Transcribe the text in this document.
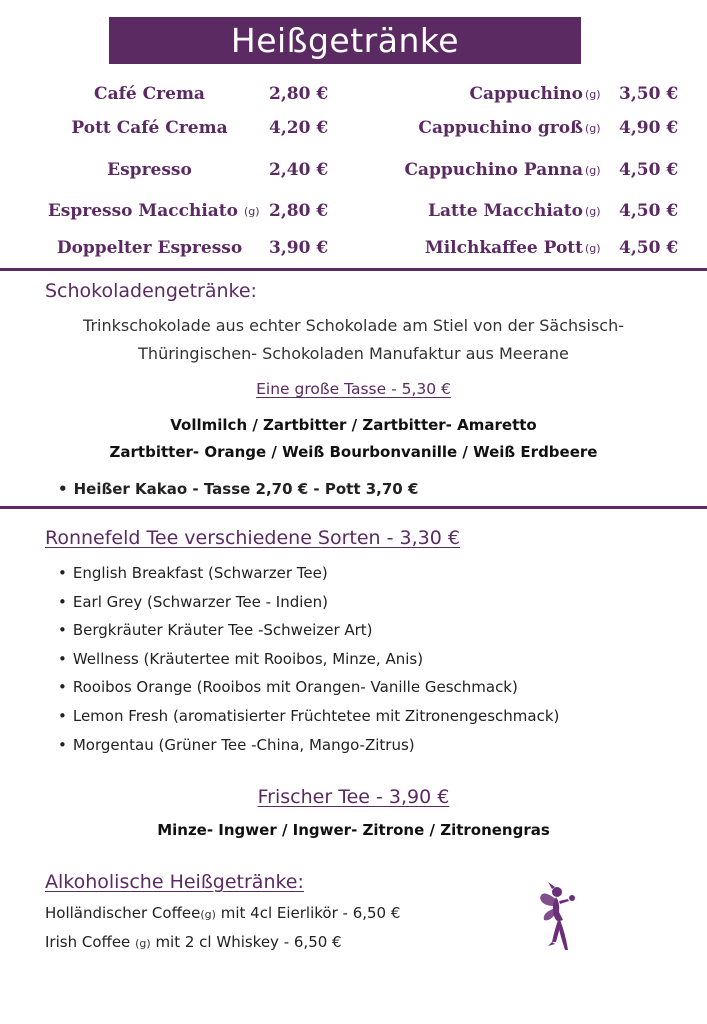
Heißgetränke
Café Crema	2,80 €	Cappuchino (g) 3,50 €
Pott Café Crema	4,20 €	Cappuchino groß (g) 4,90 €
Espresso	2,40 €	Cappuchino Panna (g) 4,50 €
Espresso Macchiato (g) 2,80 €	Latte Macchiato (g) 4,50 €
Doppelter Espresso	3,90 €	Milchkaffee Pott (g) 4,50 €
Schokoladengetränke:
Trinkschokolade aus echter Schokolade am Stiel von der Sächsisch-
Thüringischen- Schokoladen Manufaktur aus Meerane
Eine große Tasse - 5,30 €
Vollmilch / Zartbitter / Zartbitter- Amaretto
Zartbitter- Orange / Weiß Bourbonvanille / Weiß Erdbeere
• Heißer Kakao - Tasse 2,70 € - Pott 3,70 €
Ronnefeld Tee verschiedene Sorten - 3,30 €
• English Breakfast (Schwarzer Tee)
• Earl Grey (Schwarzer Tee - Indien)
• Bergkräuter Kräuter Tee -Schweizer Art)
• Wellness (Kräutertee mit Rooibos, Minze, Anis)
• Rooibos Orange (Rooibos mit Orangen- Vanille Geschmack)
• Lemon Fresh (aromatisierter Früchtetee mit Zitronengeschmack)
• Morgentau (Grüner Tee -China, Mango-Zitrus)
Frischer Tee - 3,90 €
Minze- Ingwer / Ingwer- Zitrone / Zitronengras
Alkoholische Heißgetränke:
Holländischer Coffee(g) mit 4cl Eierlikör - 6,50 €
Irish Coffee (g) mit 2 cl Whiskey - 6,50 €
